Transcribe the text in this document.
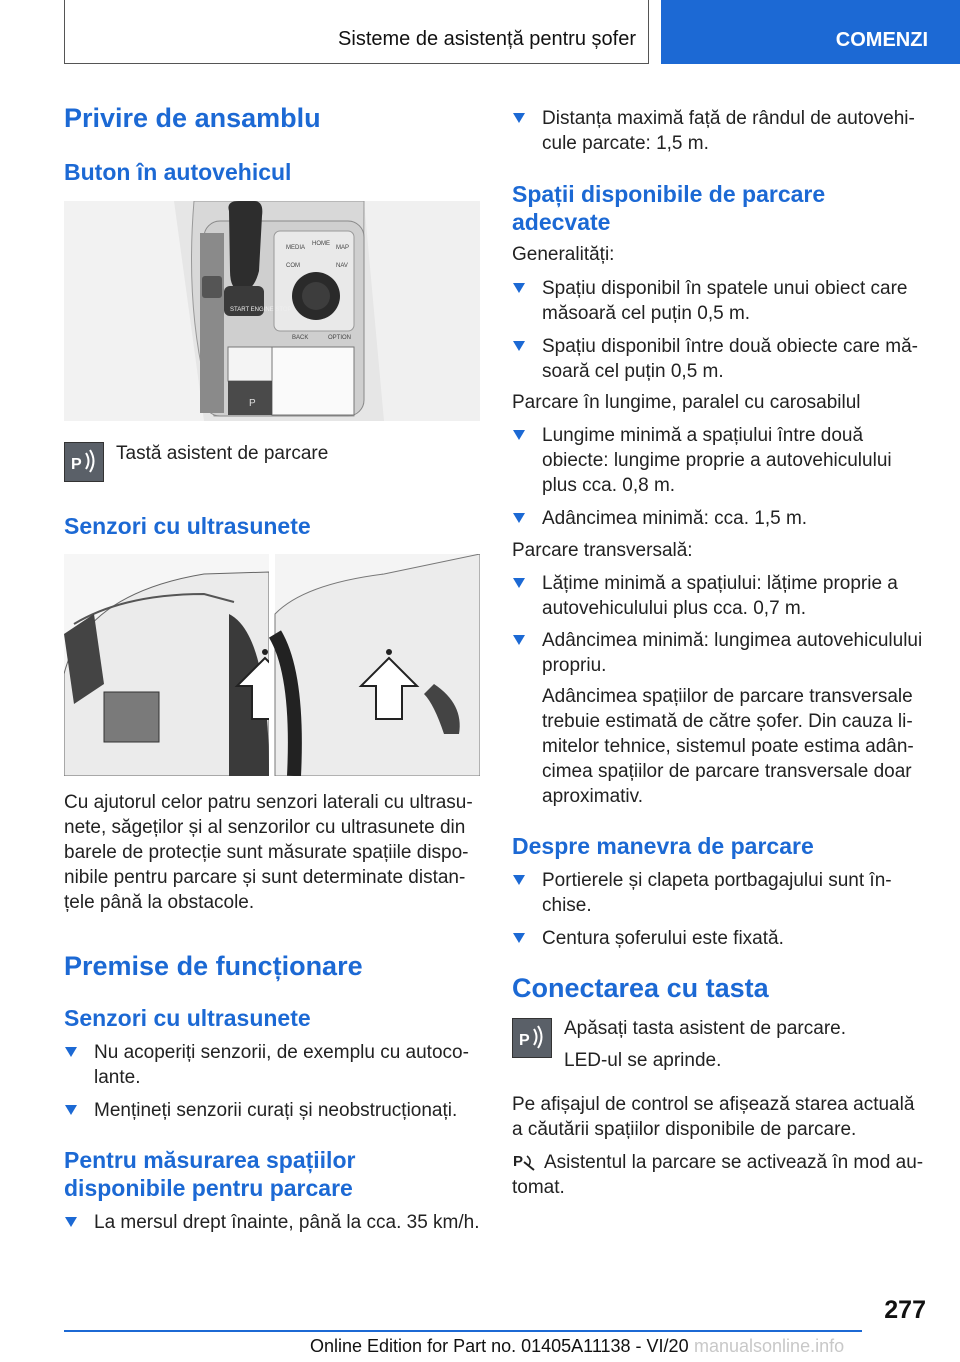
Sisteme de asistență pentru șofer	COMENZI
Privire de ansamblu
Buton în autovehicul
MEDIA
HOME
MAP
COM	NAV
BACK	OPTION
START ENGINE STOP
P
P
Tastă asistent de parcare
Senzori cu ultrasunete
Cu ajutorul celor patru senzori laterali cu ultrasu-nete, săgeților și al senzorilor cu ultrasunete din barele de protecție sunt măsurate spațiile dispo-nibile pentru parcare și sunt determinate distan-țele până la obstacole.
Premise de funcționare
Senzori cu ultrasunete
Nu acoperiți senzorii, de exemplu cu autoco-lante.
Mențineți senzorii curați și neobstrucționați.
Pentru măsurarea spațiilor disponibile pentru parcare
La mersul drept înainte, până la cca. 35 km/h.
Distanța maximă față de rândul de autovehi-cule parcate: 1,5 m.
Spații disponibile de parcare adecvate
Generalități:
Spațiu disponibil în spatele unui obiect care măsoară cel puțin 0,5 m.
Spațiu disponibil între două obiecte care mă-soară cel puțin 0,5 m.
Parcare în lungime, paralel cu carosabilul
Lungime minimă a spațiului între două obiecte: lungime proprie a autovehiculului plus cca. 0,8 m.
Adâncimea minimă: cca. 1,5 m.
Parcare transversală:
Lățime minimă a spațiului: lățime proprie a autovehiculului plus cca. 0,7 m.
Adâncimea minimă: lungimea autovehiculului propriu.
Adâncimea spațiilor de parcare transversale trebuie estimată de către șofer. Din cauza li-mitelor tehnice, sistemul poate estima adân-cimea spațiilor de parcare transversale doar aproximativ.
Despre manevra de parcare
Portierele și clapeta portbagajului sunt în-chise.
Centura șoferului este fixată.
Conectarea cu tasta
P
Apăsați tasta asistent de parcare.
LED-ul se aprinde.
Pe afișajul de control se afișează starea actuală a căutării spațiilor disponibile de parcare.
P	Asistentul la parcare se activează în mod au-tomat.
277
Online Edition for Part no. 01405A11138 - VI/20 manualsonline.info
